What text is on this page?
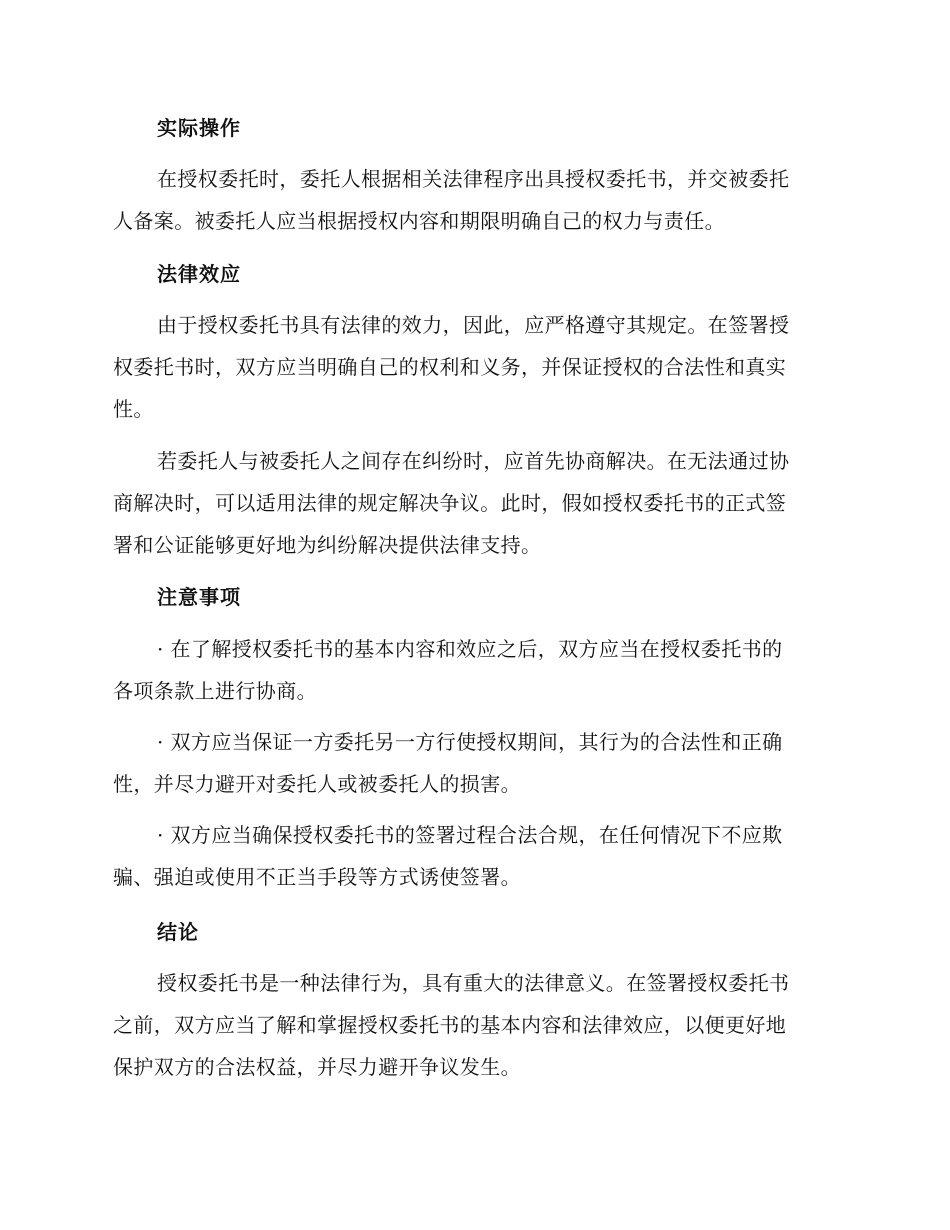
实际操作
在授权委托时，委托人根据相关法律程序出具授权委托书，并交被委托
人备案。被委托人应当根据授权内容和期限明确自己的权力与责任。
法律效应
由于授权委托书具有法律的效力，因此，应严格遵守其规定。在签署授
权委托书时，双方应当明确自己的权利和义务，并保证授权的合法性和真实
性。
若委托人与被委托人之间存在纠纷时，应首先协商解决。在无法通过协
商解决时，可以适用法律的规定解决争议。此时，假如授权委托书的正式签
署和公证能够更好地为纠纷解决提供法律支持。
注意事项
· 在了解授权委托书的基本内容和效应之后，双方应当在授权委托书的
各项条款上进行协商。
· 双方应当保证一方委托另一方行使授权期间，其行为的合法性和正确
性，并尽力避开对委托人或被委托人的损害。
· 双方应当确保授权委托书的签署过程合法合规，在任何情况下不应欺
骗、强迫或使用不正当手段等方式诱使签署。
结论
授权委托书是一种法律行为，具有重大的法律意义。在签署授权委托书
之前，双方应当了解和掌握授权委托书的基本内容和法律效应，以便更好地
保护双方的合法权益，并尽力避开争议发生。
